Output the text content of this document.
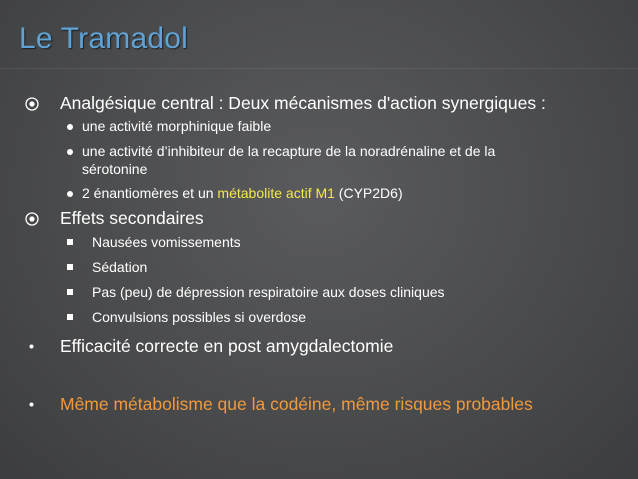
Le Tramadol
Analgésique central : Deux mécanismes d'action synergiques :
une activité morphinique faible
une activité d’inhibiteur de la recapture de la noradrénaline et de la
sérotonine
2 énantiomères et un métabolite actif M1 (CYP2D6)
Effets secondaires
Nausées vomissements
Sédation
Pas (peu) de dépression respiratoire aux doses cliniques
Convulsions possibles si overdose
Efficacité correcte en post amygdalectomie
Même métabolisme que la codéine, même risques probables
